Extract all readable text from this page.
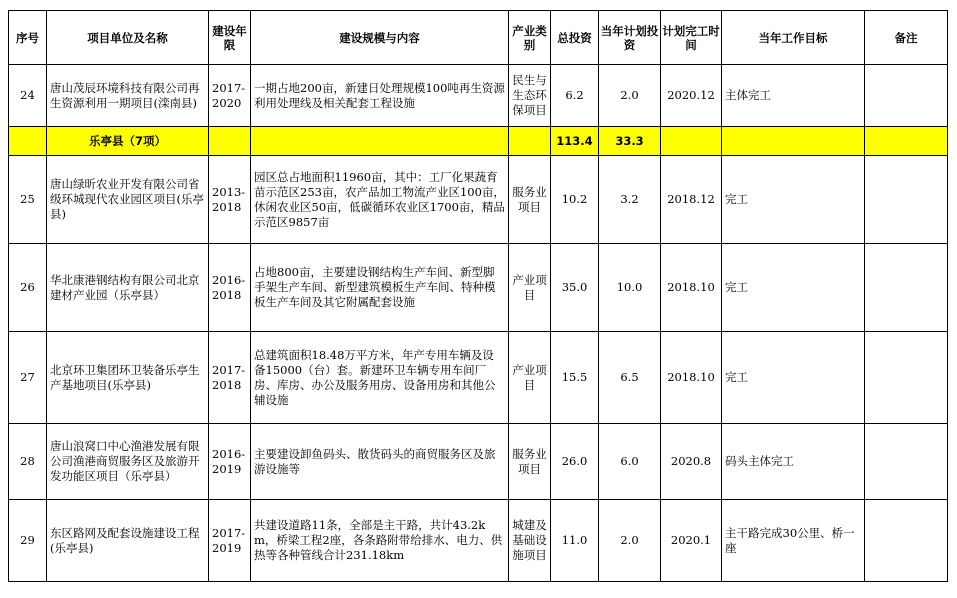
序号	项目单位及名称	建设年限	建设规模与内容	产业类别	总投资	当年计划投资	计划完工时间	当年工作目标	备注
24	唐山茂辰环境科技有限公司再生资源利用一期项目(滦南县)	2017-2020	一期占地200亩，新建日处理规模100吨再生资源利用处理线及相关配套工程设施	民生与生态环保项目	6.2	2.0	2020.12	主体完工	
	乐亭县（7项）				113.4	33.3			
25	唐山绿昕农业开发有限公司省级环城现代农业园区项目(乐亭县)	2013-2018	园区总占地面积11960亩，其中：工厂化果蔬育苗示范区253亩，农产品加工物流产业区100亩，休闲农业区50亩，低碳循环农业区1700亩，精品示范区9857亩	服务业项目	10.2	3.2	2018.12	完工	
26	华北康港钢结构有限公司北京建材产业园（乐亭县）	2016-2018	占地800亩，主要建设钢结构生产车间、新型脚手架生产车间、新型建筑模板生产车间、特种模板生产车间及其它附属配套设施	产业项目	35.0	10.0	2018.10	完工	
27	北京环卫集团环卫装备乐亭生产基地项目(乐亭县)	2017-2018	总建筑面积18.48万平方米，年产专用车辆及设备15000（台）套。新建环卫车辆专用车间厂房、库房、办公及服务用房、设备用房和其他公辅设施	产业项目	15.5	6.5	2018.10	完工	
28	唐山浪窝口中心渔港发展有限公司渔港商贸服务区及旅游开发功能区项目（乐亭县）	2016-2019	主要建设卸鱼码头、散货码头的商贸服务区及旅游设施等	服务业项目	26.0	6.0	2020.8	码头主体完工	
29	东区路网及配套设施建设工程(乐亭县)	2017-2019	共建设道路11条，全部是主干路，共计43.2km，桥梁工程2座，各条路附带给排水、电力、供热等各种管线合计231.18km	城建及基础设施项目	11.0	2.0	2020.1	主干路完成30公里、桥一座	
